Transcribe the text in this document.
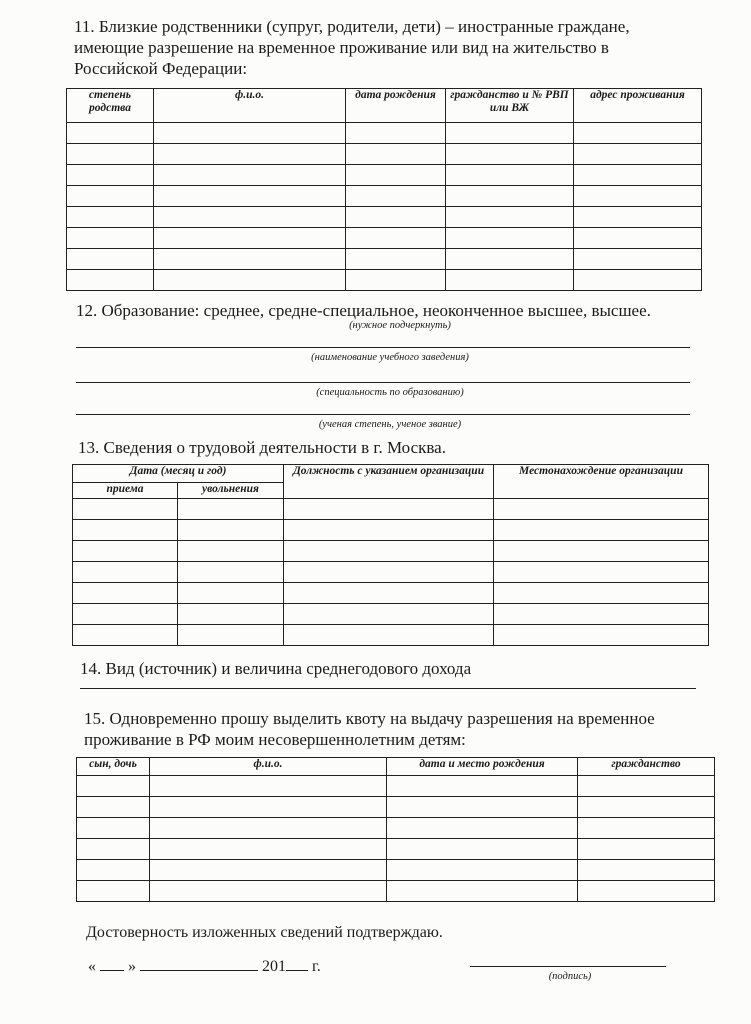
11. Близкие родственники (супруг, родители, дети) – иностранные граждане,
имеющие разрешение на временное проживание или вид на жительство в
Российской Федерации:
степень родства	ф.и.о.	дата рождения	гражданство и № РВП или ВЖ	адрес проживания

12. Образование: среднее, средне-специальное, неоконченное высшее, высшее.
(нужное подчеркнуть)
(наименование учебного заведения)
(специальность по образованию)
(ученая степень, ученое звание)
13. Сведения о трудовой деятельности в г. Москва.
Дата (месяц и год)		Должность с указанием организации	Местонахождение организации
приема	увольнения		

14. Вид (источник) и величина среднегодового дохода
15. Одновременно прошу выделить квоту на выдачу разрешения на временное
проживание в РФ моим несовершеннолетним детям:
сын, дочь	ф.и.о.	дата и место рождения	гражданство

Достоверность изложенных сведений подтверждаю.
« »	201 г.
(подпись)
